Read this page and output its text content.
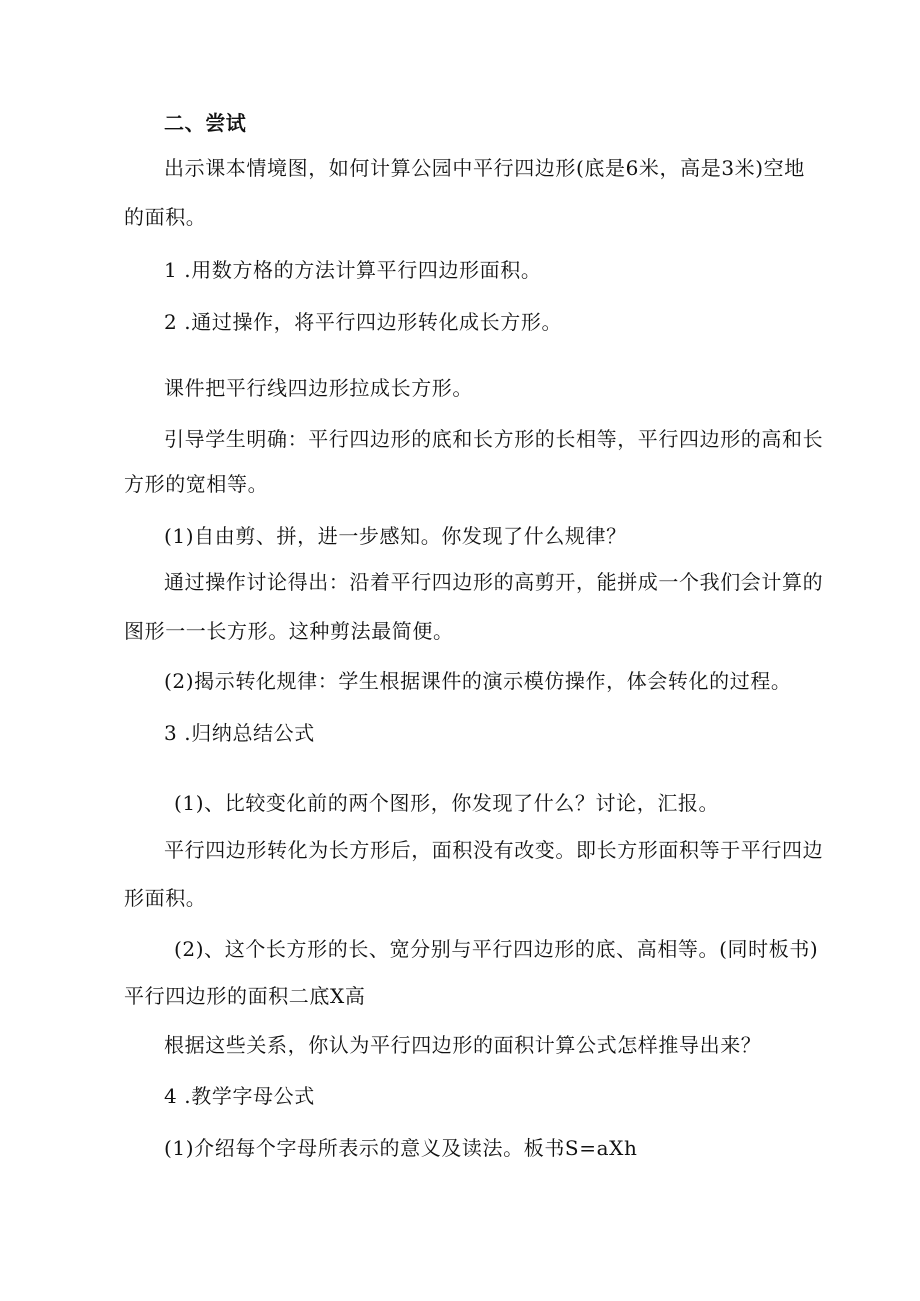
二、尝试
出示课本情境图，如何计算公园中平行四边形(底是6米，高是3米)空地
的面积。
1 .用数方格的方法计算平行四边形面积。
2 .通过操作，将平行四边形转化成长方形。
课件把平行线四边形拉成长方形。
引导学生明确：平行四边形的底和长方形的长相等，平行四边形的高和长
方形的宽相等。
(1)自由剪、拼，进一步感知。你发现了什么规律？
通过操作讨论得出：沿着平行四边形的高剪开，能拼成一个我们会计算的
图形一一长方形。这种剪法最简便。
(2)揭示转化规律：学生根据课件的演示模仿操作，体会转化的过程。
3 .归纳总结公式
(1)、比较变化前的两个图形，你发现了什么？讨论，汇报。
平行四边形转化为长方形后，面积没有改变。即长方形面积等于平行四边
形面积。
(2)、这个长方形的长、宽分别与平行四边形的底、高相等。(同时板书)
平行四边形的面积二底X高
根据这些关系，你认为平行四边形的面积计算公式怎样推导出来？
4 .教学字母公式
(1)介绍每个字母所表示的意义及读法。板书S=aXh
